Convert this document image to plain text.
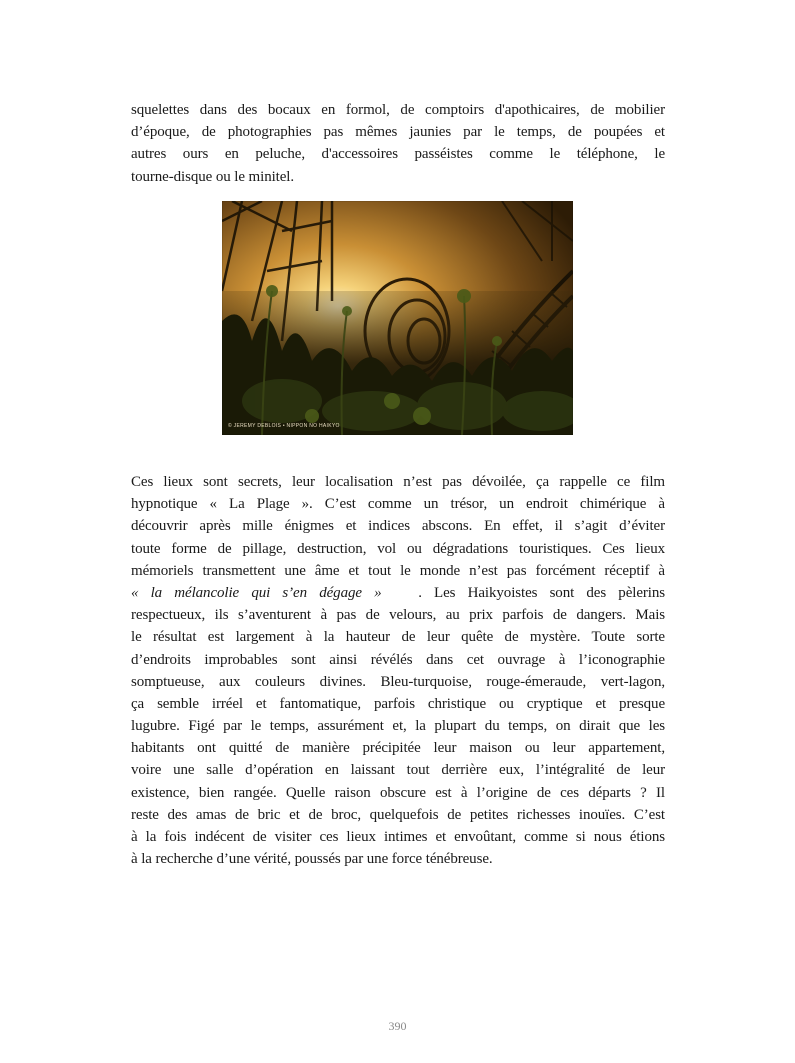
squelettes dans des bocaux en formol, de comptoirs d'apothicaires, de mobilier
d’époque, de photographies pas mêmes jaunies par le temps, de poupées et
autres ours en peluche, d'accessoires passéistes comme le téléphone, le
tourne-disque ou le minitel.

© JEREMY DEBLOIS • NIPPON NO HAIKYO

Ces lieux sont secrets, leur localisation n’est pas dévoilée, ça rappelle ce film
hypnotique « La Plage ». C’est comme un trésor, un endroit chimérique à
découvrir après mille énigmes et indices abscons. En effet, il s’agit d’éviter
toute forme de pillage, destruction, vol ou dégradations touristiques. Ces lieux
mémoriels transmettent une âme et tout le monde n’est pas forcément réceptif à
« la mélancolie qui s’en dégage »   . Les Haikyoistes sont des pèlerins
respectueux, ils s’aventurent à pas de velours, au prix parfois de dangers. Mais
le résultat est largement à la hauteur de leur quête de mystère. Toute sorte
d’endroits improbables sont ainsi révélés dans cet ouvrage à l’iconographie
somptueuse, aux couleurs divines. Bleu-turquoise, rouge-émeraude, vert-lagon,
ça semble irréel et fantomatique, parfois christique ou cryptique et presque
lugubre. Figé par le temps, assurément et, la plupart du temps, on dirait que les
habitants ont quitté de manière précipitée leur maison ou leur appartement,
voire une salle d’opération en laissant tout derrière eux, l’intégralité de leur
existence, bien rangée. Quelle raison obscure est à l’origine de ces départs ? Il
reste des amas de bric et de broc, quelquefois de petites richesses inouïes. C’est
à la fois indécent de visiter ces lieux intimes et envoûtant, comme si nous étions
à la recherche d’une vérité, poussés par une force ténébreuse.

390
